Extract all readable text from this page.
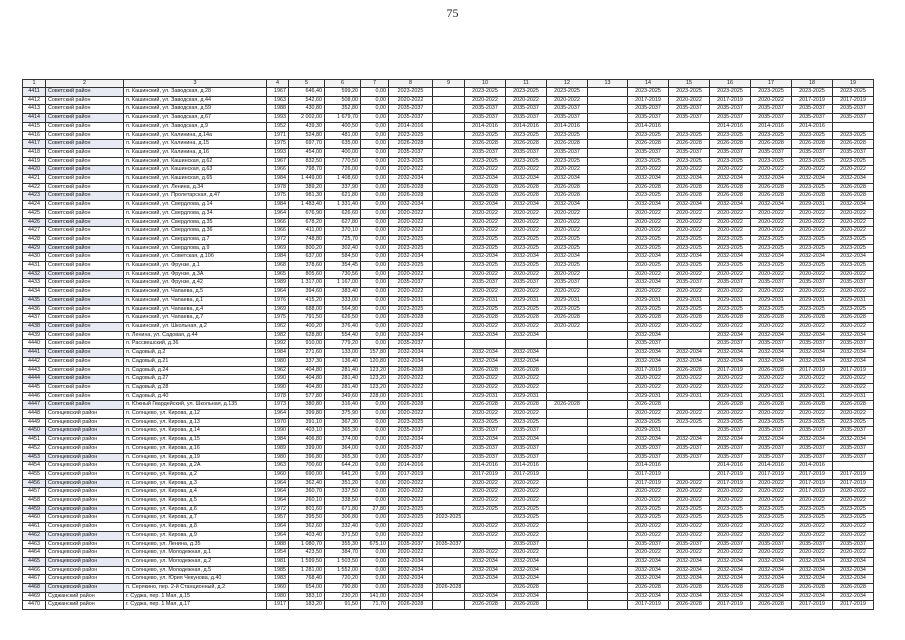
75
1	2	3	4	5	6	7	8	9	10	11	12	13	14	15	16	17	18	19
4411	Советский район	п. Кашинский, ул. Заводская, д.28	1967	646,40	599,20	0,00	2023-2025		2023-2025	2023-2025	2023-2025		2023-2025	2023-2025	2023-2025	2023-2025	2023-2025	2023-2025
4412	Советский район	п. Кашинский, ул. Заводская, д.44	1963	542,60	508,00	0,00	2020-2022		2020-2022	2020-2022	2020-2022		2017-2019	2020-2022	2017-2019	2020-2022	2017-2019	2017-2019
4413	Советский район	п. Кашинский, ул. Заводская, д.59	1988	430,80	352,80	0,00	2035-2037		2035-2037	2035-2037	2035-2037		2035-2037	2035-2037	2035-2037	2035-2037	2035-2037	2035-2037
4414	Советский район	п. Кашинский, ул. Заводская, д.67	1993	2 002,00	1 679,70	0,00	2035-2037		2035-2037	2035-2037	2035-2037		2035-2037	2035-2037	2035-2037	2035-2037	2035-2037	2035-2037
4415	Советский район	п. Кашинский, ул. Заводская, д.9	1952	439,30	400,50	0,00	2014-2016		2014-2016	2014-2016	2014-2016		2014-2016		2014-2016	2014-2016	2014-2016	
4416	Советский район	п. Кашинский, ул. Калинина, д.14а	1971	524,80	481,00	0,00	2023-2025		2023-2025	2023-2025	2023-2025		2023-2025	2023-2025	2023-2025	2023-2025	2023-2025	2023-2025
4417	Советский район	п. Кашинский, ул. Калинина, д.15	1975	697,70	635,00	0,00	2026-2028		2026-2028	2026-2028	2026-2028		2026-2028	2026-2028	2026-2028	2026-2028	2026-2028	2026-2028
4418	Советский район	п. Кашинский, ул. Калинина, д.16	1993	454,00	400,00	0,00	2035-2037		2035-2037	2035-2037	2035-2037		2035-2037	2035-2037	2035-2037	2035-2037	2035-2037	2035-2037
4419	Советский район	п. Кашинский, ул. Кашинская, д.62	1967	832,50	770,50	0,00	2023-2025		2023-2025	2023-2025	2023-2025		2023-2025	2023-2025	2023-2025	2023-2025	2023-2025	2023-2025
4420	Советский район	п. Кашинский, ул. Кашинская, д.63	1966	798,70	726,00	0,00	2020-2022		2020-2022	2020-2022	2020-2022		2020-2022	2020-2022	2020-2022	2020-2022	2020-2022	2020-2022
4421	Советский район	п. Кашинский, ул. Кашинская, д.65	1984	1 449,00	1 408,60	0,00	2032-2034		2032-2034	2032-2034	2032-2034		2032-2034	2032-2034	2032-2034	2032-2034	2032-2034	2032-2034
4422	Советский район	п. Кашинский, ул. Ленина, д.34	1978	389,20	337,90	0,00	2026-2028		2026-2028	2026-2028	2026-2028		2026-2028	2026-2028	2026-2028	2026-2028	2023-2025	2026-2028
4423	Советский район	п. Кашинский, ул. Пролетарская, д.47	1975	981,30	621,80	0,00	2026-2028		2026-2028	2026-2028	2026-2028		2023-2025	2026-2028	2026-2028	2026-2028	2026-2028	2026-2028
4424	Советский район	п. Кашинский, ул. Свердлова, д.14	1984	1 483,40	1 331,40	0,00	2032-2034		2032-2034	2032-2034	2032-2034		2032-2034	2032-2034	2032-2034	2032-2034	2029-2031	2032-2034
4425	Советский район	п. Кашинский, ул. Свердлова, д.34	1964	676,90	626,60	0,00	2020-2022		2020-2022	2020-2022	2020-2022		2020-2022	2020-2022	2020-2022	2020-2022	2020-2022	2020-2022
4426	Советский район	п. Кашинский, ул. Свердлова, д.35	1966	678,20	627,80	0,00	2020-2022		2020-2022	2020-2022	2020-2022		2020-2022	2020-2022	2020-2022	2020-2022	2020-2022	2020-2022
4427	Советский район	п. Кашинский, ул. Свердлова, д.36	1966	411,00	370,10	0,00	2020-2022		2020-2022	2020-2022	2020-2022		2020-2022	2020-2022	2020-2022	2020-2022	2020-2022	2020-2022
4428	Советский район	п. Кашинский, ул. Свердлова, д.7	1972	748,80	725,70	0,00	2023-2025		2023-2025	2023-2025	2023-2025		2023-2025	2023-2025	2023-2025	2023-2025	2023-2025	2023-2025
4429	Советский район	п. Кашинский, ул. Свердлова, д.9	1969	800,20	302,40	0,00	2023-2025		2023-2025	2023-2025	2023-2025		2023-2025	2023-2025	2023-2025	2023-2025	2023-2025	2023-2025
4430	Советский район	п. Кашинский, ул. Советская, д.10б	1984	637,00	584,50	0,00	2032-2034		2032-2034	2032-2034	2032-2034		2032-2034	2032-2034	2032-2034	2032-2034	2032-2034	2032-2034
4431	Советский район	п. Кашинский, ул. Фрунзе, д.1	1968	378,60	354,45	0,00	2023-2025		2023-2025	2023-2025	2023-2025		2020-2025	2023-2025	2023-2025	2023-2025	2023-2025	2023-2025
4432	Советский район	п. Кашинский, ул. Фрунзе, д.3А	1965	805,60	730,56	0,00	2020-2022		2020-2022	2020-2022	2020-2022		2020-2022	2020-2022	2020-2022	2020-2022	2020-2022	2020-2022
4433	Советский район	п. Кашинский, ул. Фрунзе, д.42	1989	1 317,00	1 167,00	0,00	2035-2037		2035-2037	2035-2037	2035-2037		2032-2034	2035-2037	2035-2037	2035-2037	2035-2037	2035-2037
4434	Советский район	п. Кашинский, ул. Чапаева, д.5	1964	394,60	383,40	0,00	2020-2022		2020-2022	2020-2022	2020-2022		2020-2022	2020-2022	2020-2022	2020-2022	2020-2022	2020-2022
4435	Советский район	п. Кашинский, ул. Чапаева, д.1	1976	415,20	333,00	0,00	2029-2031		2029-2031	2029-2031	2029-2031		2029-2031	2029-2031	2029-2031	2029-2031	2029-2031	2029-2031
4436	Советский район	п. Кашинский, ул. Чапаева, д.4	1969	688,00	564,90	0,00	2023-2025		2023-2025	2023-2025	2023-2025		2023-2025	2023-2025	2023-2025	2023-2025	2023-2025	2023-2025
4437	Советский район	п. Кашинский, ул. Чапаева, д.7	1975	791,50	626,50	0,00	2026-2028		2026-2028	2026-2028	2026-2028		2026-2028	2026-2028	2026-2028	2026-2028	2026-2028	2026-2028
4438	Советский район	п. Кашинский, ул. Школьная, д.2	1962	400,20	376,40	0,00	2020-2022		2020-2022	2020-2022	2020-2022		2020-2022	2020-2022	2020-2022	2020-2022	2020-2022	2020-2022
4439	Советский район	п. Ленина, ул. Садовая, д.44	1982	628,80	554,40	0,00	2032-2034		2032-2034	2032-2034			2032-2034		2032-2034	2032-2034	2032-2034	2032-2034
4440	Советский район	п. Рассвешский, д.36	1992	910,00	779,20	0,00	2035-2037						2035-2037		2035-2037	2035-2037	2035-2037	2035-2037
4441	Советский район	п. Садовый, д.2	1984	271,60	133,00	157,80	2032-2034		2032-2034	2032-2034			2032-2034	2032-2034	2032-2034	2032-2034	2032-2034	2032-2034
4442	Советский район	п. Садовый, д.21	1980	337,30	136,40	120,80	2032-2034		2032-2034	2032-2034			2032-2034	2032-2034	2032-2034	2032-2034	2032-2034	2032-2034
4443	Советский район	п. Садовый, д.24	1962	404,80	281,40	123,20	2026-2028		2026-2028	2026-2028			2017-2019	2026-2028	2017-2019	2026-2028	2017-2019	2017-2019
4444	Советский район	п. Садовый, д.27	1990	404,80	281,40	123,20	2020-2022		2020-2022	2020-2022			2020-2022	2020-2022	2020-2022	2020-2022	2020-2022	2020-2022
4445	Советский район	п. Садовый, д.28	1990	404,80	281,40	123,20	2020-2022		2020-2022	2020-2022			2020-2022	2020-2022	2020-2022	2020-2022	2020-2022	2020-2022
4446	Советский район	п. Садовый, д.40	1978	577,80	349,60	228,00	2029-2031		2029-2031	2029-2031			2029-2031	2029-2031	2029-2031	2029-2031	2029-2031	2029-2031
4447	Советский район	п. Южный Гвардейский, ул. Школьная, д.135	1973	380,80	316,40	0,00	2026-2028		2026-2028	2026-2028	2026-2028		2026-2028		2026-2028	2026-2028	2026-2028	2026-2028
4448	Солнцевский район	п. Солнцево, ул. Кирова, д.12	1964	399,80	375,90	0,00	2020-2022		2020-2022	2020-2022			2020-2022	2020-2022	2020-2022	2020-2022	2020-2022	2020-2022
4449	Солнцевский район	п. Солнцево, ул. Кирова, д.13	1970	391,10	367,30	0,00	2023-2025		2023-2025	2023-2025			2023-2025	2023-2025	2023-2025	2023-2025	2023-2025	2023-2025
4450	Солнцевский район	п. Солнцево, ул. Кирова, д.14	1990	403,10	365,30	0,00	2035-2037		2035-2037	2035-2037			2029-2031		2035-2037	2035-2037	2035-2037	2035-2037
4451	Солнцевский район	п. Солнцево, ул. Кирова, д.15	1984	406,80	374,00	0,00	2032-2034		2032-2034	2032-2034			2032-2034	2032-2034	2032-2034	2032-2034	2032-2034	2032-2034
4452	Солнцевский район	п. Солнцево, ул. Кирова, д.16	1989	399,00	364,00	0,00	2035-2037		2035-2037	2035-2037			2035-2037	2035-2037	2035-2037	2035-2037	2035-2037	2035-2037
4453	Солнцевский район	п. Солнцево, ул. Кирова, д.19	1980	396,80	365,30	0,00	2035-2037		2035-2037	2035-2037			2035-2037	2035-2037	2035-2037	2035-2037	2035-2037	2035-2037
4454	Солнцевский район	п. Солнцево, ул. Кирова, д.2А	1963	700,60	644,20	0,00	2014-2016		2014-2016	2014-2016			2014-2016		2014-2016	2014-2016	2014-2016	
4455	Солнцевский район	п. Солнцево, ул. Кирова, д.2	1960	690,00	641,20	0,00	2017-2019		2017-2019	2017-2019			2017-2019		2017-2019	2017-2019	2017-2019	2017-2019
4456	Солнцевский район	п. Солнцево, ул. Кирова, д.3	1964	362,40	351,20	0,00	2020-2022		2020-2022	2020-2022			2017-2019	2020-2022	2017-2019	2020-2022	2017-2019	2017-2019
4457	Солнцевский район	п. Солнцево, ул. Кирова, д.4	1964	360,70	337,50	0,00	2020-2022		2020-2022	2020-2022			2020-2022	2020-2022	2020-2022	2020-2022	2017-2019	2020-2022
4458	Солнцевский район	п. Солнцево, ул. Кирова, д.5	1964	260,10	338,50	0,00	2020-2022		2020-2022	2020-2022			2020-2022	2020-2022	2020-2022	2020-2022	2020-2022	2020-2022
4459	Солнцевский район	п. Солнцево, ул. Кирова, д.6	1972	801,60	671,80	27,80	2023-2025		2023-2025	2023-2025			2023-2025	2023-2025	2023-2025	2023-2025	2023-2025	2023-2025
4460	Солнцевский район	п. Солнцево, ул. Кирова, д.7	1957	395,50	306,80	0,00	2023-2025	2023-2025		2023-2025			2023-2025	2023-2025	2023-2025	2023-2025	2023-2025	2023-2025
4461	Солнцевский район	п. Солнцево, ул. Кирова, д.8	1964	362,60	332,40	0,00	2020-2022		2020-2022	2020-2022			2020-2022	2020-2022	2020-2022	2020-2022	2020-2022	2020-2022
4462	Солнцевский район	п. Солнцево, ул. Кирова, д.9	1964	403,40	371,50	0,00	2020-2022		2020-2022	2020-2022			2020-2022	2020-2022	2020-2022	2020-2022	2020-2022	2020-2022
4463	Солнцевский район	п. Солнцево, ул. Ленина, д.35	1988	1 080,70	355,30	675,10	2035-2037	2035-2037		2035-2037			2035-2037	2035-2037	2035-2037	2035-2037	2035-2037	2035-2037
4464	Солнцевский район	п. Солнцево, ул. Молодежная, д.1	1954	423,50	384,70	0,00	2020-2022		2020-2022	2020-2022			2020-2022	2020-2022	2020-2022	2020-2022	2020-2022	2020-2022
4465	Солнцевский район	п. Солнцево, ул. Молодежная, д.2	1981	1 599,50	1 503,50	0,00	2032-2034		2032-2034	2032-2034			2032-2034	2032-2034	2032-2034	2032-2034	2032-2034	2032-2034
4466	Солнцевский район	п. Солнцево, ул. Молодежная, д.5	1985	1 281,00	1 552,00	0,00	2032-2034		2032-2034	2032-2034			2032-2034	2032-2034	2032-2034	2032-2034	2032-2034	2032-2034
4467	Солнцевский район	п. Солнцево, ул. Юрия Чекунова, д.40	1983	768,40	720,20	0,00	2032-2034		2032-2034	2032-2034			2032-2034	2032-2034	2032-2034	2032-2034	2032-2034	2032-2034
4468	Солнцевский район	п. Серякино, пер. 2-й Станционный, д.2	1960	654,00	790,80	0,00	2026-2028	2026-2028		2026-2028			2026-2028	2026-2028	2026-2028	2026-2028	2026-2028	2026-2028
4469	Суджанский район	г. Суджа, пер. 1 Мая, д.15	1980	383,10	230,20	141,00	2032-2034		2032-2034	2032-2034			2032-2034	2032-2034	2032-2034	2032-2034	2032-2034	2032-2034
4470	Суджанский район	г. Суджа, пер. 1 Мая, д.17	1917	183,20	91,50	71,70	2026-2028		2026-2028	2026-2028			2017-2019	2026-2028	2017-2019	2026-2028	2017-2019	2017-2019
